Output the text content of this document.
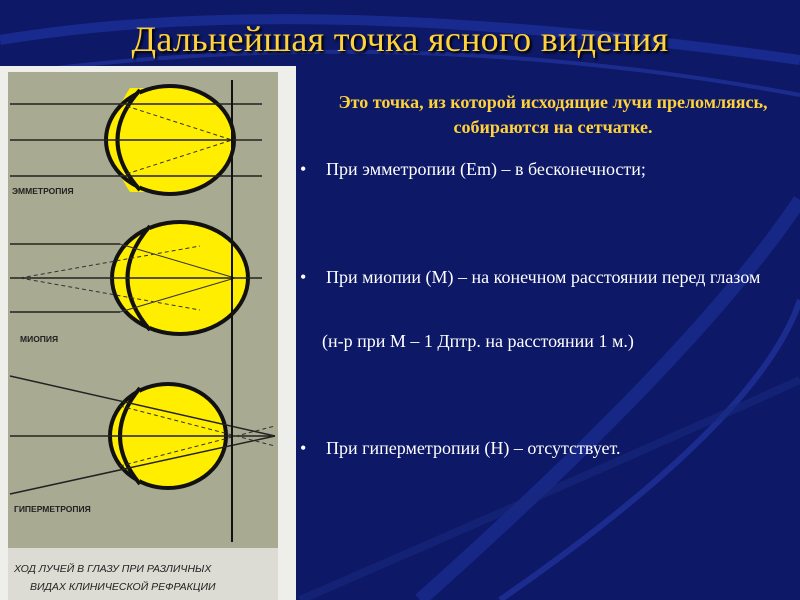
Дальнейшая точка ясного видения
ЭММЕТРОПИЯ
МИОПИЯ
ГИПЕРМЕТРОПИЯ
ХОД ЛУЧЕЙ В ГЛАЗУ ПРИ РАЗЛИЧНЫХ
ВИДАХ КЛИНИЧЕСКОЙ РЕФРАКЦИИ
Это точка, из которой исходящие лучи преломляясь, собираются на сетчатке.
•	При эмметропии (Em) – в бесконечности;
•	При миопии (М) – на конечном расстоянии перед глазом
(н-р при М – 1 Дптр. на расстоянии 1 м.)
•	При гиперметропии (Н) – отсутствует.
